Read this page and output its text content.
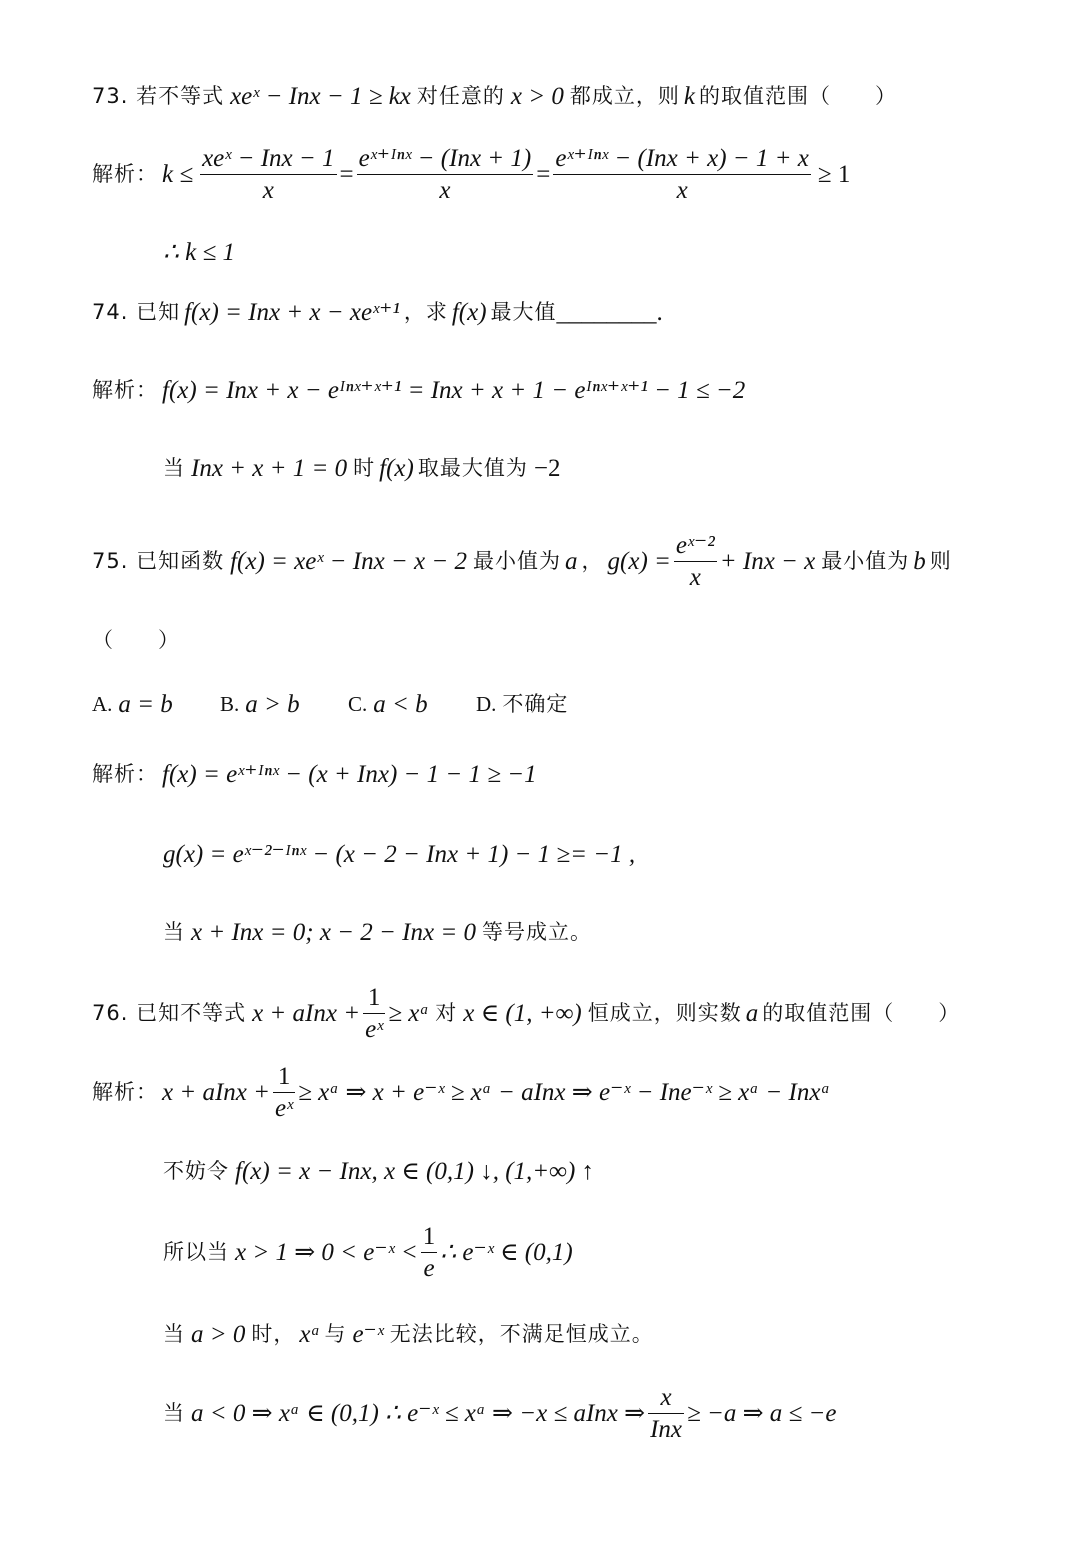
73. 若不等式 xeˣ − Inx − 1 ≥ kx 对任意的 x > 0 都成立，则 k 的取值范围（　　）
解析： $k \le \frac{\text{xeˣ − Inx − 1}}{x} = \frac{\text{eˣ⁺ᴵⁿˣ − (Inx + 1)}}{x} = \frac{\text{eˣ⁺ᴵⁿˣ − (Inx + x) − 1 + x}}{x} \ge 1$
∴ k ≤ 1
74. 已知 f(x) = Inx + x − xeˣ⁺¹ ，求 f(x) 最大值 ________.
解析： f(x) = Inx + x − eᴵⁿˣ⁺ˣ⁺¹ = Inx + x + 1 − eᴵⁿˣ⁺ˣ⁺¹ − 1 ≤ −2
当 Inx + x + 1 = 0 时 f(x) 取最大值为 −2
75. 已知函数 f(x) = xeˣ − Inx − x − 2 最小值为 a ， $g(x) = \frac{\text{eˣ⁻²}}{x}$ + Inx − x 最小值为 b 则
（　　）
A. a = b B. a > b C. a < b D. 不确定
解析： f(x) = eˣ⁺ᴵⁿˣ − (x + Inx) − 1 − 1 ≥ −1
g(x) = eˣ⁻²⁻ᴵⁿˣ − (x − 2 − Inx + 1) − 1 ≥= −1 ,
当 x + Inx = 0; x − 2 − Inx = 0 等号成立。
76. 已知不等式 x + aInx + $\frac{1}{\text{eˣ}}$ ≥ xᵃ 对 x ∈ (1, +∞) 恒成立，则实数 a 的取值范围（　　）
解析： x + aInx + $\frac{1}{\text{eˣ}}$ ≥ xᵃ ⇒ x + e⁻ˣ ≥ xᵃ − aInx ⇒ e⁻ˣ − Ine⁻ˣ ≥ xᵃ − Inxᵃ
不妨令 f(x) = x − Inx, x ∈ (0,1) ↓, (1,+∞) ↑
所以当 x > 1 ⇒ 0 < e⁻ˣ < $\frac{1}{e}$ ∴ e⁻ˣ ∈ (0,1)
当 a > 0 时， xᵃ 与 e⁻ˣ 无法比较，不满足恒成立。
当 a < 0 ⇒ xᵃ ∈ (0,1) ∴ e⁻ˣ ≤ xᵃ ⇒ −x ≤ aInx ⇒ $\frac{x}{\text{Inx}} \ge -a$ ⇒ a ≤ −e
